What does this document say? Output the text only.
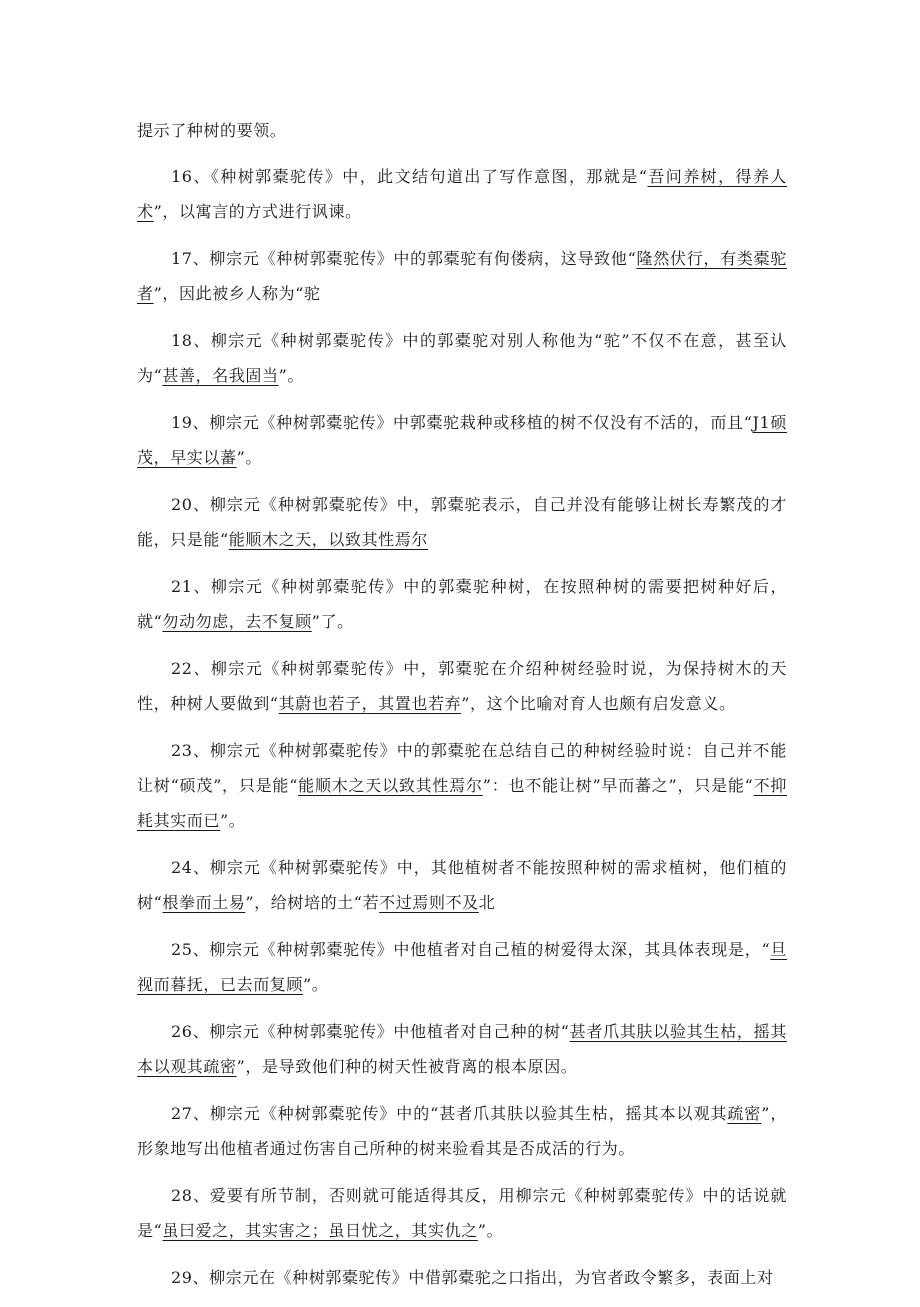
提示了种树的要领。

16、《种树郭橐驼传》中，此文结句道出了写作意图，那就是“吾问养树，得养人术”，以寓言的方式进行讽谏。

17、柳宗元《种树郭橐驼传》中的郭橐驼有佝偻病，这导致他“隆然伏行，有类橐驼者”，因此被乡人称为“驼

18、柳宗元《种树郭橐驼传》中的郭橐驼对别人称他为“驼”不仅不在意，甚至认为“甚善，名我固当”。

19、柳宗元《种树郭橐驼传》中郭橐驼栽种或移植的树不仅没有不活的，而且“J1硕茂，早实以蕃”。

20、柳宗元《种树郭橐驼传》中，郭橐驼表示，自己并没有能够让树长寿繁茂的才能，只是能“能顺木之天，以致其性焉尔

21、柳宗元《种树郭橐驼传》中的郭橐驼种树，在按照种树的需要把树种好后，就“勿动勿虑，去不复顾”了。

22、柳宗元《种树郭橐驼传》中，郭橐驼在介绍种树经验时说，为保持树木的天性，种树人要做到“其蔚也若子，其置也若弃”，这个比喻对育人也颇有启发意义。

23、柳宗元《种树郭橐驼传》中的郭橐驼在总结自己的种树经验时说：自己并不能让树“硕茂”，只是能“能顺木之天以致其性焉尔”：也不能让树”早而蕃之”，只是能“不抑耗其实而已”。

24、柳宗元《种树郭橐驼传》中，其他植树者不能按照种树的需求植树，他们植的树“根拳而土易”，给树培的土“若不过焉则不及北

25、柳宗元《种树郭橐驼传》中他植者对自己植的树爱得太深，其具体表现是，“旦视而暮抚，已去而复顾”。

26、柳宗元《种树郭橐驼传》中他植者对自己种的树“甚者爪其肤以验其生枯，摇其本以观其疏密”，是导致他们种的树天性被背离的根本原因。

27、柳宗元《种树郭橐驼传》中的“甚者爪其肤以验其生枯，摇其本以观其疏密”，形象地写出他植者通过伤害自己所种的树来验看其是否成活的行为。

28、爱要有所节制，否则就可能适得其反，用柳宗元《种树郭橐驼传》中的话说就是“虽曰爱之，其实害之；虽日忧之，其实仇之”。

29、柳宗元在《种树郭橐驼传》中借郭橐驼之口指出，为官者政令繁多，表面上对
